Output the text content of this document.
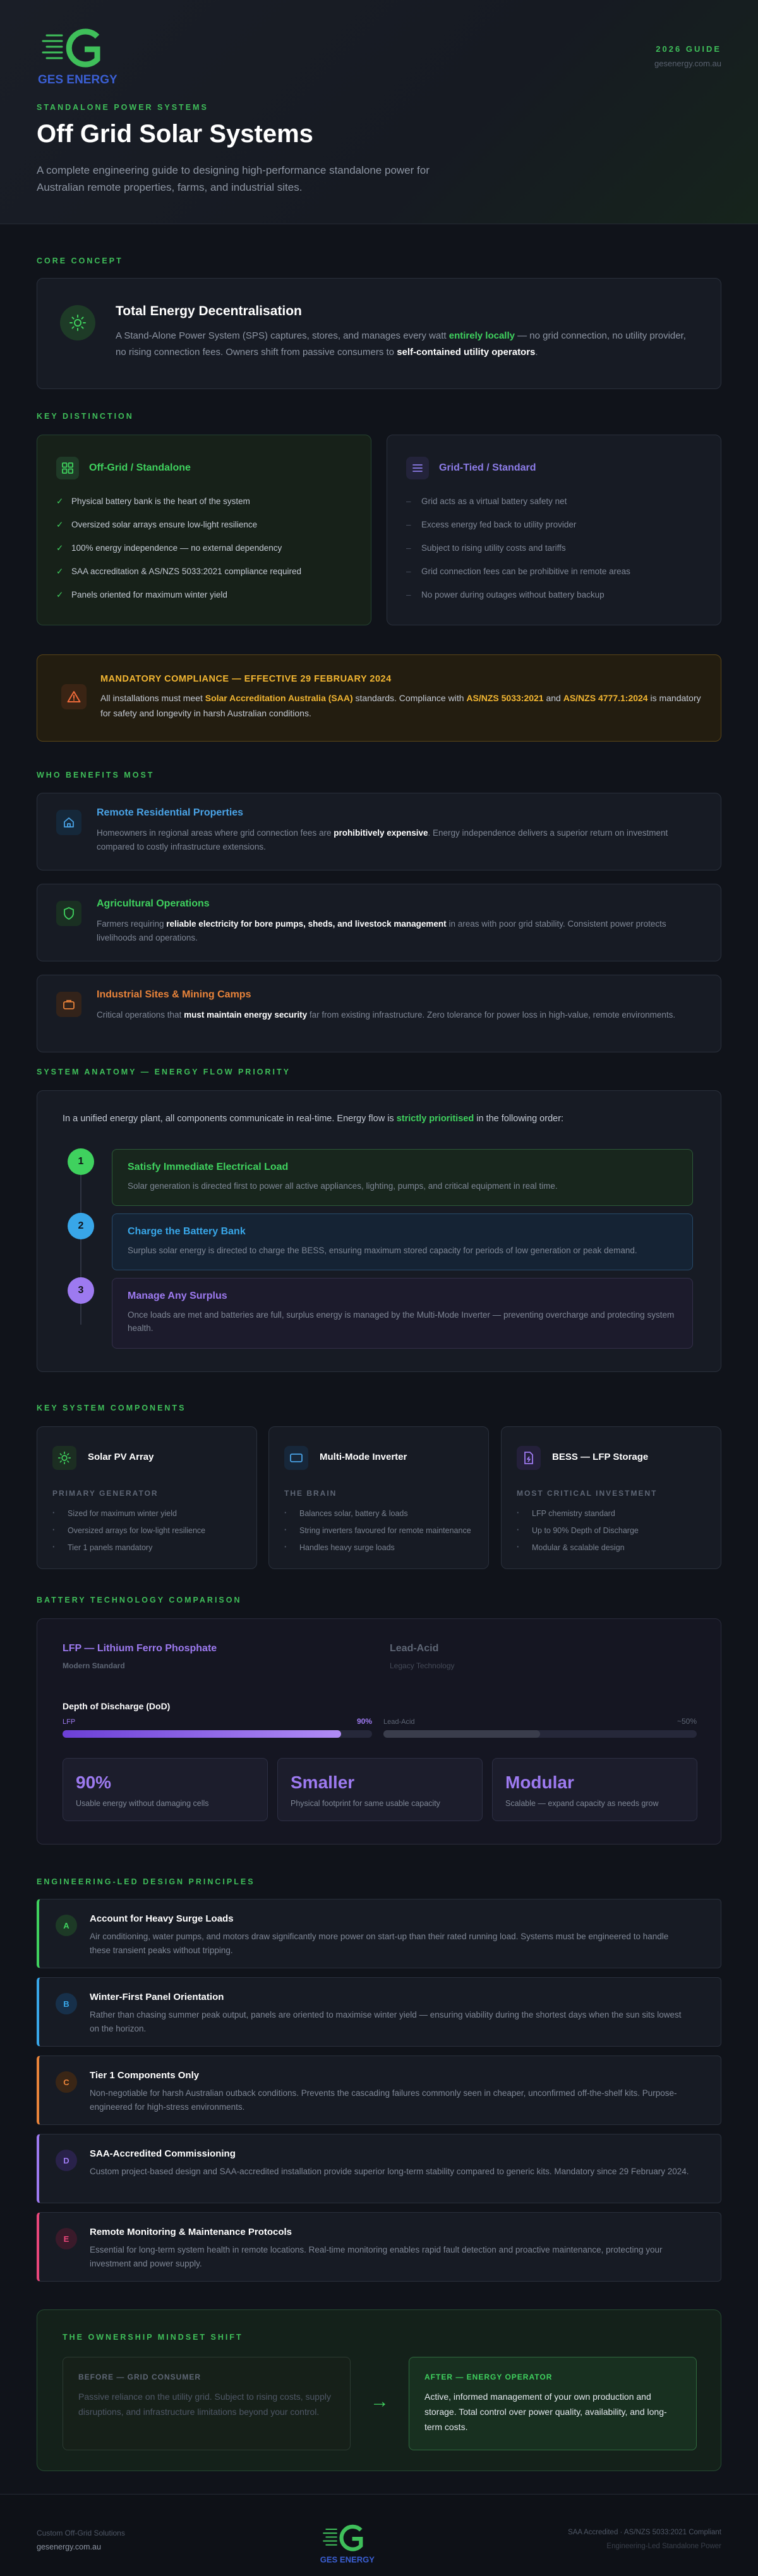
GES ENERGY
2026 GUIDE
gesenergy.com.au
STANDALONE POWER SYSTEMS
Off Grid Solar Systems

A complete engineering guide to designing high-performance standalone power for Australian remote properties, farms, and industrial sites.

CORE CONCEPT
Total Energy Decentralisation

A Stand-Alone Power System (SPS) captures, stores, and manages every watt entirely locally — no grid connection, no utility provider, no rising connection fees. Owners shift from passive consumers to self-contained utility operators.

KEY DISTINCTION
Off-Grid / Standalone
✓ Physical battery bank is the heart of the system
✓ Oversized solar arrays ensure low-light resilience
✓ 100% energy independence — no external dependency
✓ SAA accreditation & AS/NZS 5033:2021 compliance required
✓ Panels oriented for maximum winter yield
Grid-Tied / Standard
– Grid acts as a virtual battery safety net
– Excess energy fed back to utility provider
– Subject to rising utility costs and tariffs
– Grid connection fees can be prohibitive in remote areas
– No power during outages without battery backup
MANDATORY COMPLIANCE — EFFECTIVE 29 FEBRUARY 2024

All installations must meet Solar Accreditation Australia (SAA) standards. Compliance with AS/NZS 5033:2021 and AS/NZS 4777.1:2024 is mandatory for safety and longevity in harsh Australian conditions.

WHO BENEFITS MOST
Remote Residential Properties

Homeowners in regional areas where grid connection fees are prohibitively expensive. Energy independence delivers a superior return on investment compared to costly infrastructure extensions.

Agricultural Operations

Farmers requiring reliable electricity for bore pumps, sheds, and livestock management in areas with poor grid stability. Consistent power protects livelihoods and operations.

Industrial Sites & Mining Camps

Critical operations that must maintain energy security far from existing infrastructure. Zero tolerance for power loss in high-value, remote environments.

SYSTEM ANATOMY — ENERGY FLOW PRIORITY

In a unified energy plant, all components communicate in real-time. Energy flow is strictly prioritised in the following order:

1
Satisfy Immediate Electrical Load
Solar generation is directed first to power all active appliances, lighting, pumps, and critical equipment in real time.
2
Charge the Battery Bank
Surplus solar energy is directed to charge the BESS, ensuring maximum stored capacity for periods of low generation or peak demand.
3
Manage Any Surplus
Once loads are met and batteries are full, surplus energy is managed by the Multi-Mode Inverter — preventing overcharge and protecting system health.
KEY SYSTEM COMPONENTS
Solar PV Array
PRIMARY GENERATOR
· Sized for maximum winter yield
· Oversized arrays for low-light resilience
· Tier 1 panels mandatory
Multi-Mode Inverter
THE BRAIN
· Balances solar, battery & loads
· String inverters favoured for remote maintenance
· Handles heavy surge loads
BESS — LFP Storage
MOST CRITICAL INVESTMENT
· LFP chemistry standard
· Up to 90% Depth of Discharge
· Modular & scalable design
BATTERY TECHNOLOGY COMPARISON
LFP — Lithium Ferro Phosphate
Modern Standard
Lead-Acid
Legacy Technology
Depth of Discharge (DoD)
LFP	90% Lead-Acid	~50%
90%
Usable energy without damaging cells
Smaller
Physical footprint for same usable capacity
Modular
Scalable — expand capacity as needs grow
ENGINEERING-LED DESIGN PRINCIPLES
A
Account for Heavy Surge Loads
Air conditioning, water pumps, and motors draw significantly more power on start-up than their rated running load. Systems must be engineered to handle these transient peaks without tripping.
B
Winter-First Panel Orientation
Rather than chasing summer peak output, panels are oriented to maximise winter yield — ensuring viability during the shortest days when the sun sits lowest on the horizon.
C
Tier 1 Components Only
Non-negotiable for harsh Australian outback conditions. Prevents the cascading failures commonly seen in cheaper, unconfirmed off-the-shelf kits. Purpose-engineered for high-stress environments.
D
SAA-Accredited Commissioning
Custom project-based design and SAA-accredited installation provide superior long-term stability compared to generic kits. Mandatory since 29 February 2024.
E
Remote Monitoring & Maintenance Protocols
Essential for long-term system health in remote locations. Real-time monitoring enables rapid fault detection and proactive maintenance, protecting your investment and power supply.
THE OWNERSHIP MINDSET SHIFT
BEFORE — GRID CONSUMER
Passive reliance on the utility grid. Subject to rising costs, supply disruptions, and infrastructure limitations beyond your control.	→
AFTER — ENERGY OPERATOR
Active, informed management of your own production and storage. Total control over power quality, availability, and long-term costs.
Custom Off-Grid Solutions
gesenergy.com.au
GES ENERGY
SAA Accredited · AS/NZS 5033:2021 Compliant
Engineering-Led Standalone Power
